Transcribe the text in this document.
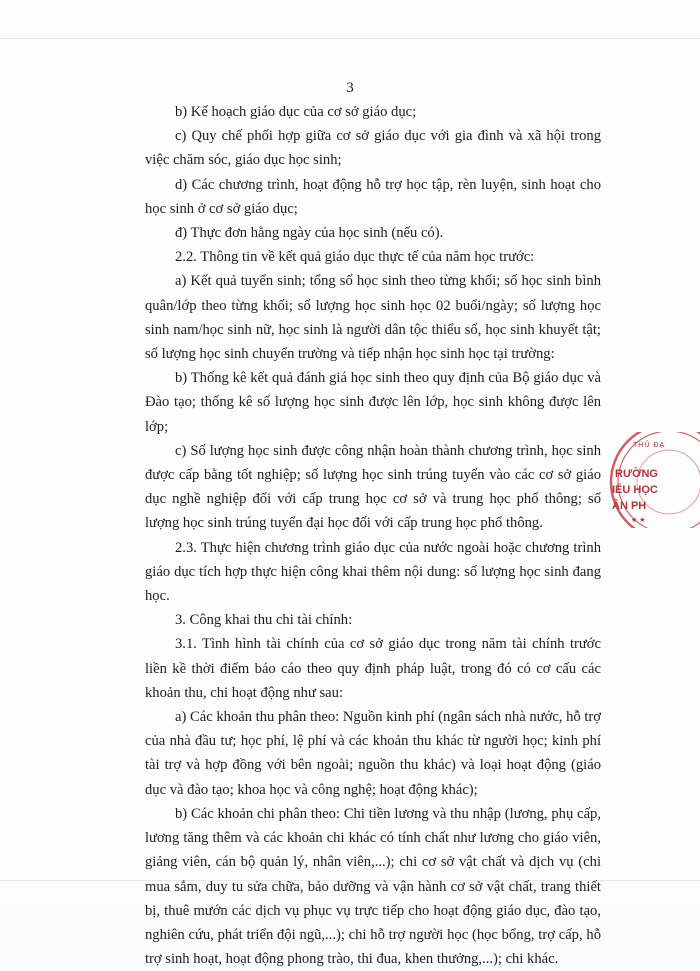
3

b) Kế hoạch giáo dục của cơ sở giáo dục;

c) Quy chế phối hợp giữa cơ sở giáo dục với gia đình và xã hội trong việc chăm sóc, giáo dục học sinh;

d) Các chương trình, hoạt động hỗ trợ học tập, rèn luyện, sinh hoạt cho học sinh ở cơ sở giáo dục;

đ) Thực đơn hằng ngày của học sinh (nếu có).

2.2. Thông tin về kết quả giáo dục thực tế của năm học trước:

a) Kết quả tuyển sinh; tổng số học sinh theo từng khối; số học sinh bình quân/lớp theo từng khối; số lượng học sinh học 02 buổi/ngày; số lượng học sinh nam/học sinh nữ, học sinh là người dân tộc thiểu số, học sinh khuyết tật; số lượng học sinh chuyển trường và tiếp nhận học sinh học tại trường:

b) Thống kê kết quả đánh giá học sinh theo quy định của Bộ giáo dục và Đào tạo; thống kê số lượng học sinh được lên lớp, học sinh không được lên lớp;

c) Số lượng học sinh được công nhận hoàn thành chương trình, học sinh được cấp bằng tốt nghiệp; số lượng học sinh trúng tuyển vào các cơ sở giáo dục nghề nghiệp đối với cấp trung học cơ sở và trung học phổ thông; số lượng học sinh trúng tuyển đại học đối với cấp trung học phổ thông.

2.3. Thực hiện chương trình giáo dục của nước ngoài hoặc chương trình giáo dục tích hợp thực hiện công khai thêm nội dung: số lượng học sinh đang học.

3. Công khai thu chi tài chính:

3.1. Tình hình tài chính của cơ sở giáo dục trong năm tài chính trước liền kề thời điểm báo cáo theo quy định pháp luật, trong đó có cơ cấu các khoản thu, chi hoạt động như sau:

a) Các khoản thu phân theo: Nguồn kinh phí (ngân sách nhà nước, hỗ trợ của nhà đầu tư; học phí, lệ phí và các khoản thu khác từ người học; kinh phí tài trợ và hợp đồng với bên ngoài; nguồn thu khác) và loại hoạt động (giáo dục và đào tạo; khoa học và công nghệ; hoạt động khác);

b) Các khoản chi phân theo: Chi tiền lương và thu nhập (lương, phụ cấp, lương tăng thêm và các khoản chi khác có tính chất như lương cho giáo viên, giảng viên, cán bộ quản lý, nhân viên,...); chi cơ sở vật chất và dịch vụ (chi mua sắm, duy tu sửa chữa, bảo dưỡng và vận hành cơ sở vật chất, trang thiết bị, thuê mướn các dịch vụ phục vụ trực tiếp cho hoạt động giáo dục, đào tạo, nghiên cứu, phát triển đội ngũ,...); chi hỗ trợ người học (học bổng, trợ cấp, hỗ trợ sinh hoạt, hoạt động phong trào, thi đua, khen thưởng,...); chi khác.

THỦ ĐẠ
RƯỜNG
IỂU HỌC
ÂN PH
★ ★
